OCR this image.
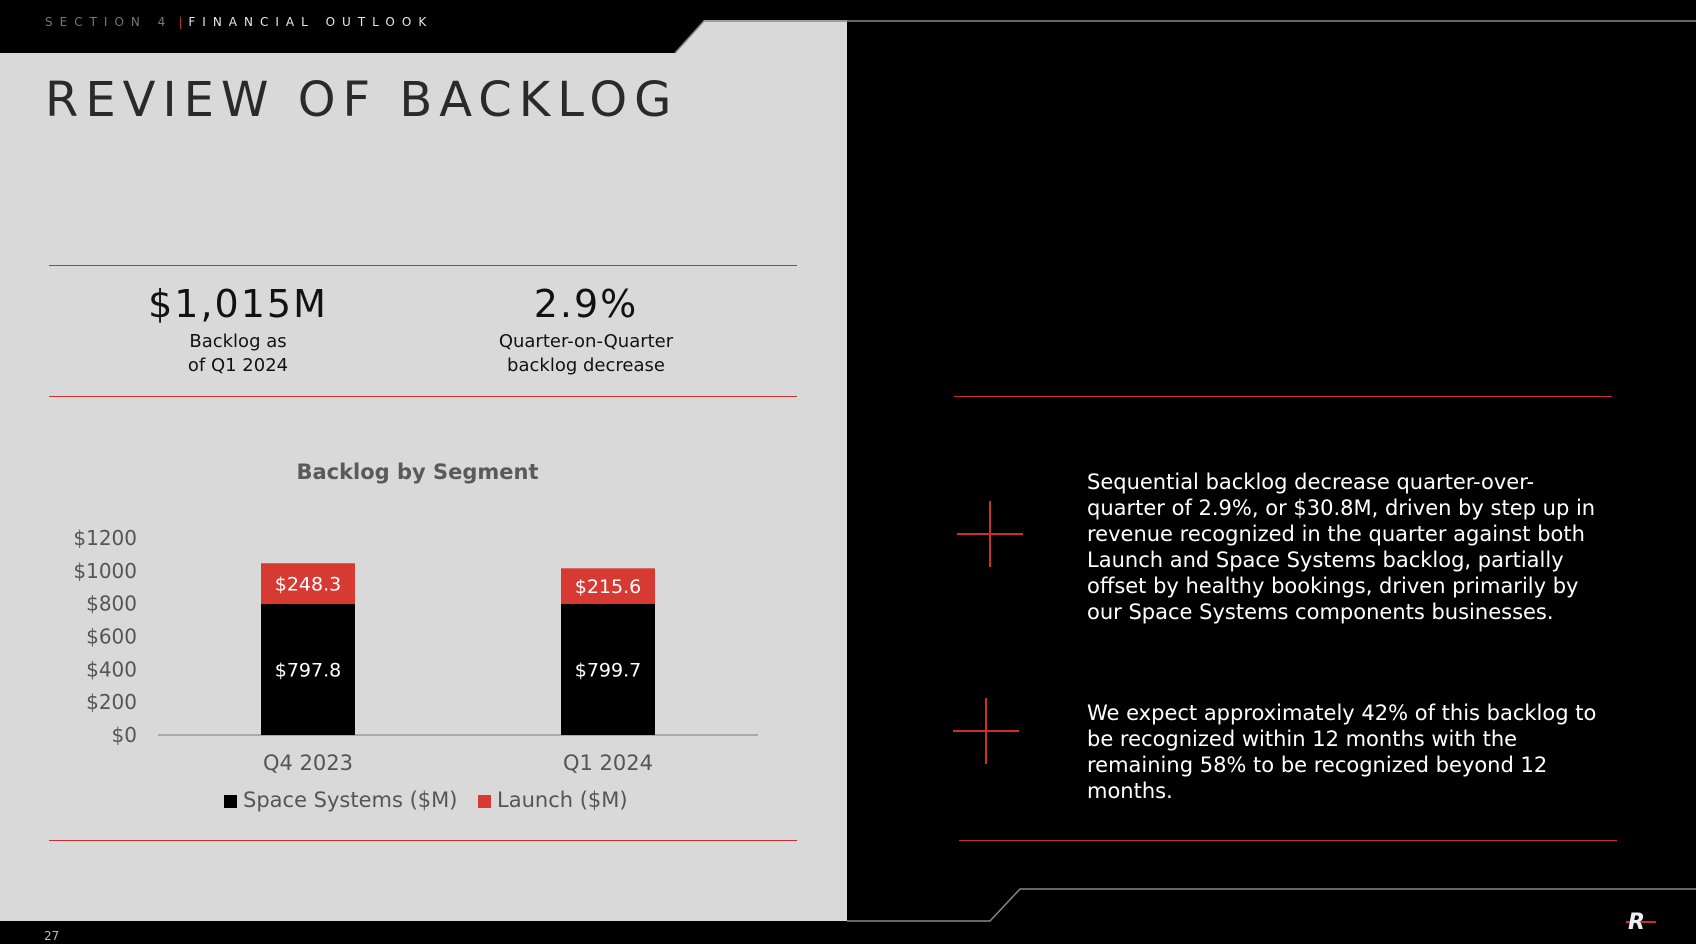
SECTION 4 | FINANCIAL OUTLOOK
REVIEW OF BACKLOG
$1,015M
Backlog as
of Q1 2024
2.9%
Quarter-on-Quarter
backlog decrease
Backlog by Segment
$0
$200
$400
$600
$800
$1000
$1200
$797.8
$248.3
Q4 2023
$799.7
$215.6
Q1 2024
Space Systems ($M) Launch ($M)
Sequential backlog decrease quarter-over-quarter of 2.9%, or $30.8M, driven by step up in revenue recognized in the quarter against both Launch and Space Systems backlog, partially offset by healthy bookings, driven primarily by our Space Systems components businesses.
We expect approximately 42% of this backlog to be recognized within 12 months with the remaining 58% to be recognized beyond 12 months.
27
R
